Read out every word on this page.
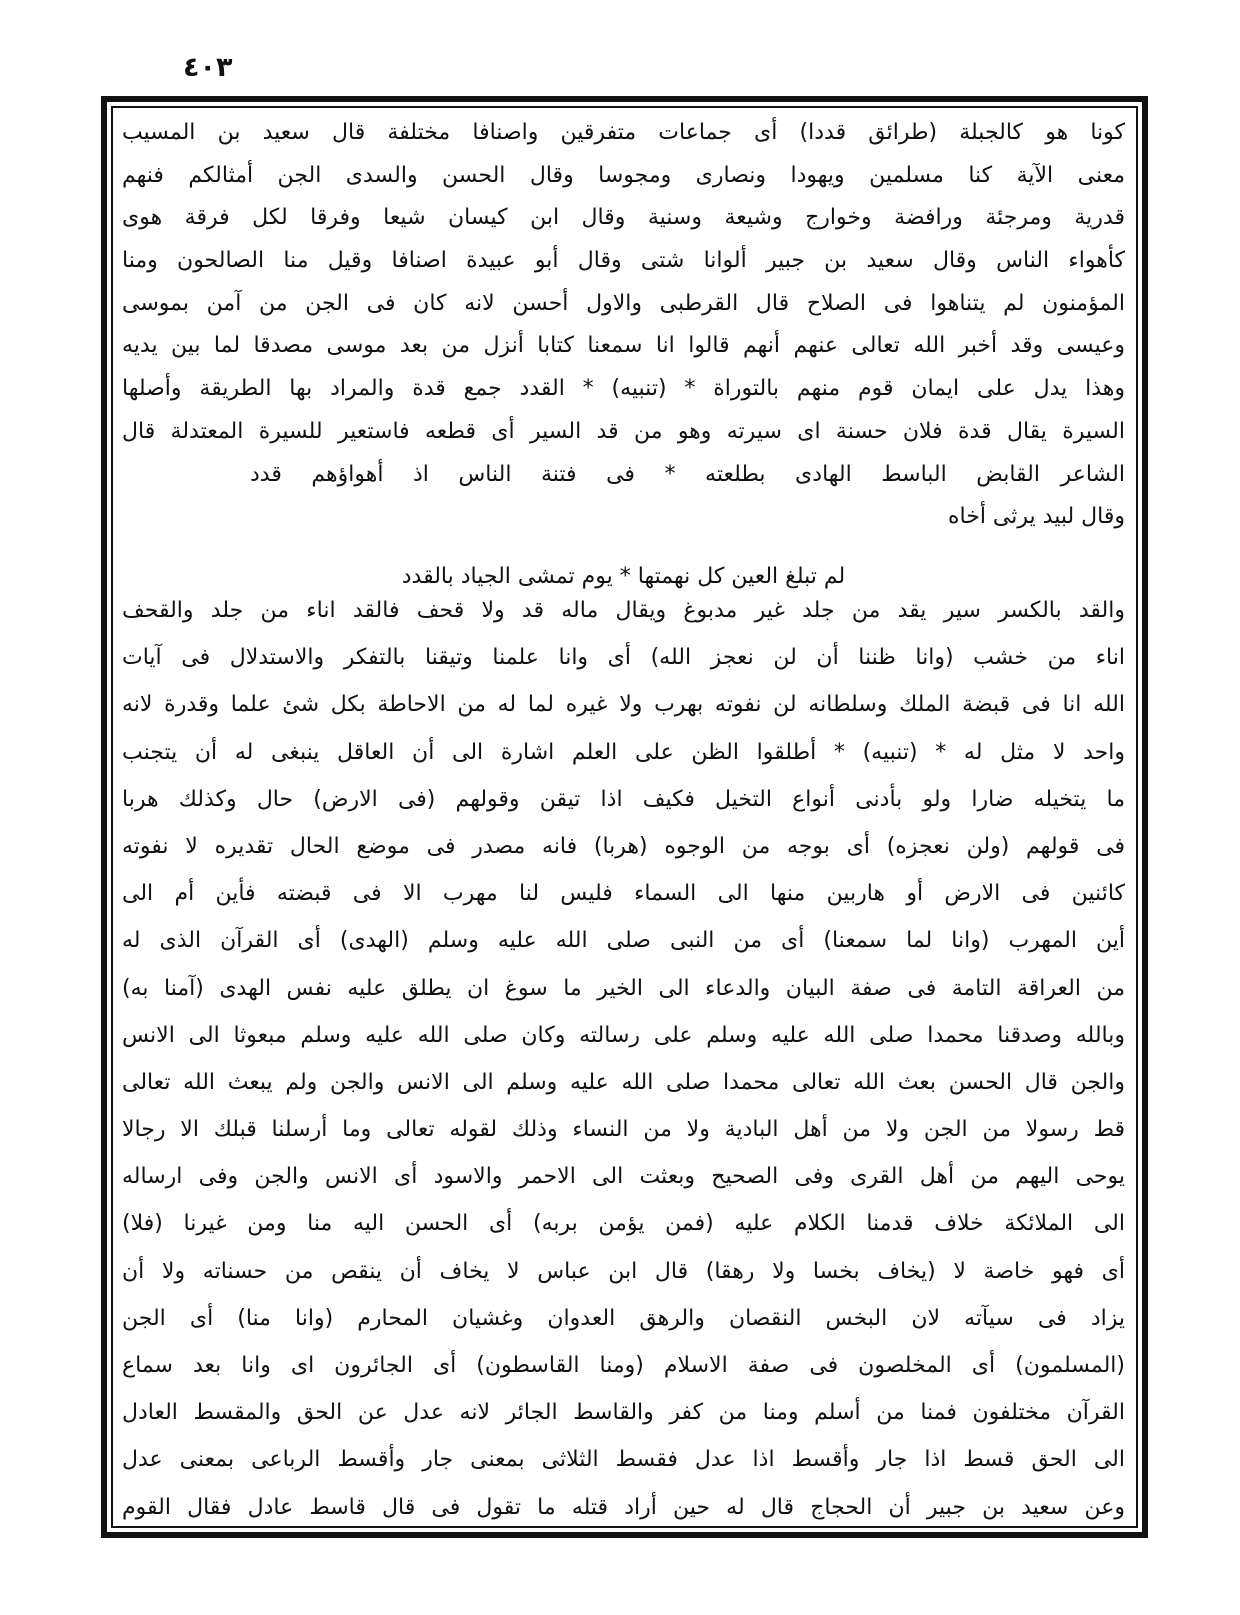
٤٠٣
كونا هو كالجبلة (طرائق قددا) أى جماعات متفرقين واصنافا مختلفة قال سعيد بن المسيب
معنى الآية كنا مسلمين ويهودا ونصارى ومجوسا وقال الحسن والسدى الجن أمثالكم فنهم
قدرية ومرجئة ورافضة وخوارج وشيعة وسنية وقال ابن كيسان شيعا وفرقا لكل فرقة هوى
كأهواء الناس وقال سعيد بن جبير ألوانا شتى وقال أبو عبيدة اصنافا وقيل منا الصالحون ومنا
المؤمنون لم يتناهوا فى الصلاح قال القرطبى والاول أحسن لانه كان فى الجن من آمن بموسى
وعيسى وقد أخبر الله تعالى عنهم أنهم قالوا انا سمعنا كتابا أنزل من بعد موسى مصدقا لما بين يديه
وهذا يدل على ايمان قوم منهم بالتوراة * (تنبيه) * القدد جمع قدة والمراد بها الطريقة وأصلها
السيرة يقال قدة فلان حسنة اى سيرته وهو من قد السير أى قطعه فاستعير للسيرة المعتدلة قال
الشاعر
القابض الباسط الهادى بطلعته * فى فتنة الناس اذ أهواؤهم قدد
وقال لبيد يرثى أخاه
لم تبلغ العين كل نهمتها * يوم تمشى الجياد بالقدد
والقد بالكسر سير يقد من جلد غير مدبوغ ويقال ماله قد ولا قحف فالقد اناء من جلد والقحف
اناء من خشب (وانا ظننا أن لن نعجز الله) أى وانا علمنا وتيقنا بالتفكر والاستدلال فى آيات
الله انا فى قبضة الملك وسلطانه لن نفوته بهرب ولا غيره لما له من الاحاطة بكل شئ علما وقدرة لانه
واحد لا مثل له * (تنبيه) * أطلقوا الظن على العلم اشارة الى أن العاقل ينبغى له أن يتجنب
ما يتخيله ضارا ولو بأدنى أنواع التخيل فكيف اذا تيقن وقولهم (فى الارض) حال وكذلك هربا
فى قولهم (ولن نعجزه) أى بوجه من الوجوه (هربا) فانه مصدر فى موضع الحال تقديره لا نفوته
كائنين فى الارض أو هاربين منها الى السماء فليس لنا مهرب الا فى قبضته فأين أم الى
أين المهرب (وانا لما سمعنا) أى من النبى صلى الله عليه وسلم (الهدى) أى القرآن الذى له
من العراقة التامة فى صفة البيان والدعاء الى الخير ما سوغ ان يطلق عليه نفس الهدى (آمنا به)
وبالله وصدقنا محمدا صلى الله عليه وسلم على رسالته وكان صلى الله عليه وسلم مبعوثا الى الانس
والجن قال الحسن بعث الله تعالى محمدا صلى الله عليه وسلم الى الانس والجن ولم يبعث الله تعالى
قط رسولا من الجن ولا من أهل البادية ولا من النساء وذلك لقوله تعالى وما أرسلنا قبلك الا رجالا
يوحى اليهم من أهل القرى وفى الصحيح وبعثت الى الاحمر والاسود أى الانس والجن وفى ارساله
الى الملائكة خلاف قدمنا الكلام عليه (فمن يؤمن بربه) أى الحسن اليه منا ومن غيرنا (فلا)
أى فهو خاصة لا (يخاف بخسا ولا رهقا) قال ابن عباس لا يخاف أن ينقص من حسناته ولا أن
يزاد فى سيآته لان البخس النقصان والرهق العدوان وغشيان المحارم (وانا منا) أى الجن
(المسلمون) أى المخلصون فى صفة الاسلام (ومنا القاسطون) أى الجائرون اى وانا بعد سماع
القرآن مختلفون فمنا من أسلم ومنا من كفر والقاسط الجائر لانه عدل عن الحق والمقسط العادل
الى الحق قسط اذا جار وأقسط اذا عدل فقسط الثلاثى بمعنى جار وأقسط الرباعى بمعنى عدل
وعن سعيد بن جبير أن الحجاج قال له حين أراد قتله ما تقول فى قال قاسط عادل فقال القوم
